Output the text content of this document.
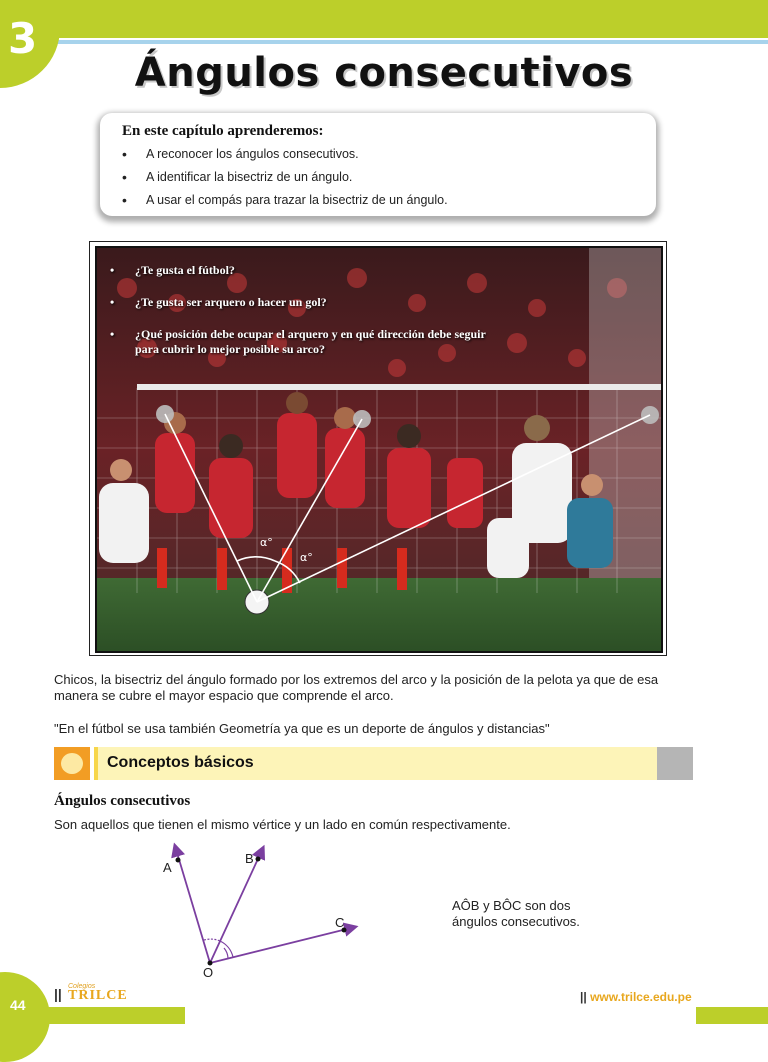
3
Ángulos consecutivos
En este capítulo aprenderemos:
• A reconocer los ángulos consecutivos.
• A identificar la bisectriz de un ángulo.
• A usar el compás para trazar la bisectriz de un ángulo.
α°
α°
• ¿Te gusta el fútbol?
• ¿Te gusta ser arquero o hacer un gol?
• ¿Qué posición debe ocupar el arquero y en qué dirección debe seguir para cubrir lo mejor posible su arco?
Chicos, la bisectriz del ángulo formado por los extremos del arco y la posición de la pelota ya que de esa manera se cubre el mayor espacio que comprende el arco.
"En el fútbol se usa también Geometría ya que es un deporte de ángulos y distancias"
Conceptos básicos
Ángulos consecutivos
Son aquellos que tienen el mismo vértice y un lado en común respectivamente.
A
B
C
O
AÔB y BÔC son dos
ángulos consecutivos.
44
|| Colegios
TRILCE	|| www.trilce.edu.pe
